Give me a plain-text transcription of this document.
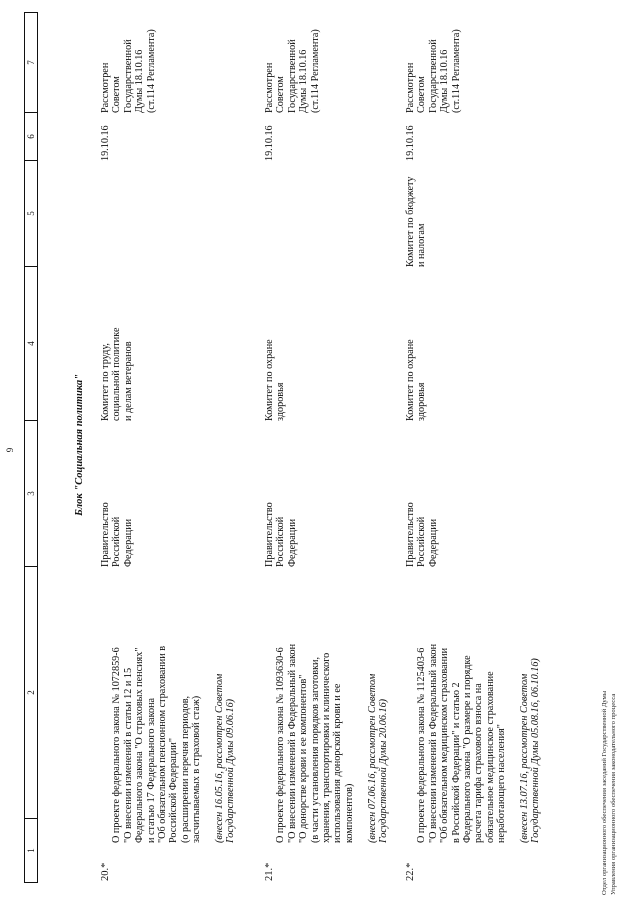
9
1
2
3
4
5
6
7
Блок "Социальная политика"
20.*

О проекте федерального закона № 1072859-6
"О внесении изменений в статьи 12 и 15
Федерального закона "О страховых пенсиях"
и статью 17 Федерального закона
"Об обязательном пенсионном страховании в
Российской Федерации"
(о расширении перечня периодов,
засчитываемых в страховой стаж)

(внесен 16.05.16, рассмотрен Советом
Государственной Думы 09.06.16)

Правительство
Российской
Федерации
Комитет по труду,
социальной политике
и делам ветеранов
19.10.16
Рассмотрен
Советом
Государственной
Думы 18.10.16
(ст.114 Регламента)
21.*

О проекте федерального закона № 1093630-6
"О внесении изменений в Федеральный закон
"О донорстве крови и ее компонентов"
(в части установления порядков заготовки,
хранения, транспортировки и клинического
использования донорской крови и ее
компонентов) (внесен 07.06.16, рассмотрен Советом
Государственной Думы 20.06.16)

Правительство
Российской
Федерации
Комитет по охране
здоровья
19.10.16
Рассмотрен
Советом
Государственной
Думы 18.10.16
(ст.114 Регламента)
22.*

О проекте федерального закона № 1125403-6
"О внесении изменений в Федеральный закон
"Об обязательном медицинском страховании
в Российской Федерации" и статью 2
Федерального закона "О размере и порядке
расчета тарифа страхового взноса на
обязательное медицинское страхование
неработающего населения"

(внесен 13.07.16, рассмотрен Советом
Государственной Думы 05.08.16, 06.10.16)

Правительство
Российской
Федерации
Комитет по охране
здоровья
Комитет по бюджету
и налогам
19.10.16
Рассмотрен
Советом
Государственной
Думы 18.10.16
(ст.114 Регламента)
Отдел организационного обеспечения заседаний Государственной Думы Управления организационного обеспечения законодательного процесса
